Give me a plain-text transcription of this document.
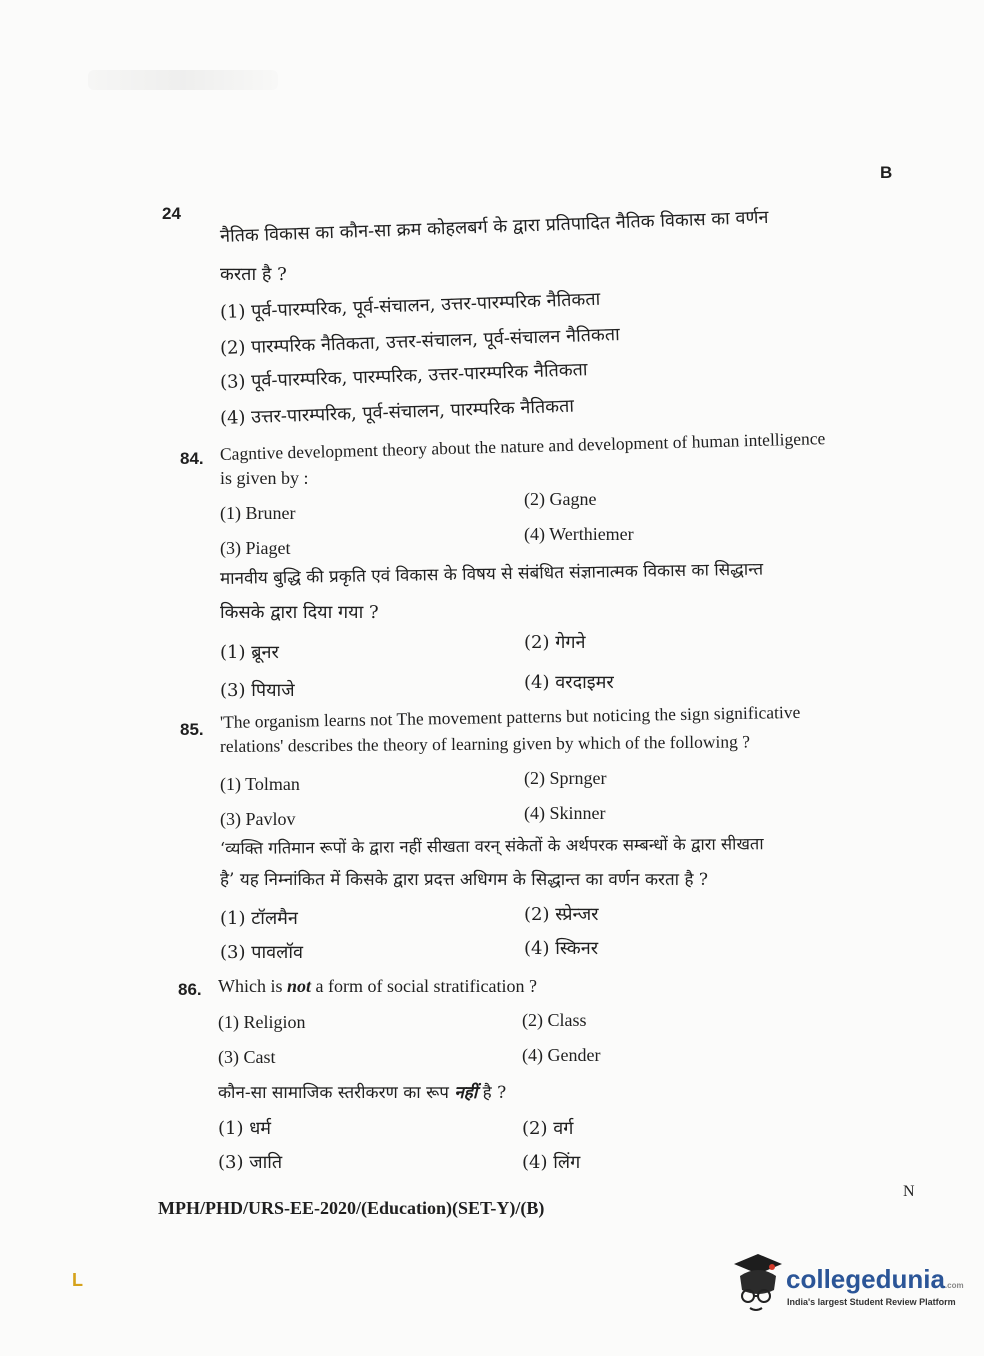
B
24 नैतिक विकास का कौन-सा क्रम कोहलबर्ग के द्वारा प्रतिपादित नैतिक विकास का वर्णन
करता है ?
(1) पूर्व-पारम्परिक, पूर्व-संचालन, उत्तर-पारम्परिक नैतिकता
(2) पारम्परिक नैतिकता, उत्तर-संचालन, पूर्व-संचालन नैतिकता
(3) पूर्व-पारम्परिक, पारम्परिक, उत्तर-पारम्परिक नैतिकता
(4) उत्तर-पारम्परिक, पूर्व-संचालन, पारम्परिक नैतिकता
84. Cagntive development theory about the nature and development of human intelligence
is given by :
(1) Bruner
(2) Gagne
(3) Piaget
(4) Werthiemer
मानवीय बुद्धि की प्रकृति एवं विकास के विषय से संबंधित संज्ञानात्मक विकास का सिद्धान्त
किसके द्वारा दिया गया ?
(1) ब्रूनर	(2) गेगने
(3) पियाजे	(4) वरदाइमर
85. 'The organism learns not The movement patterns but noticing the sign significative
relations' describes the theory of learning given by which of the following ?
(1) Tolman	(2) Sprnger
(3) Pavlov	(4) Skinner
‘व्यक्ति गतिमान रूपों के द्वारा नहीं सीखता वरन् संकेतों के अर्थपरक सम्बन्धों के द्वारा सीखता
है’ यह निम्नांकित में किसके द्वारा प्रदत्त अधिगम के सिद्धान्त का वर्णन करता है ?
(1) टॉलमैन	(2) स्प्रेन्जर
(3) पावलॉव	(4) स्किनर
86. Which is not a form of social stratification ?
(1) Religion	(2) Class
(3) Cast	(4) Gender
कौन-सा सामाजिक स्तरीकरण का रूप नहीं है ?
(1) धर्म	(2) वर्ग
(3) जाति	(4) लिंग
MPH/PHD/URS-EE-2020/(Education)(SET-Y)/(B)
N
L	collegedunia.com
India's largest Student Review Platform
